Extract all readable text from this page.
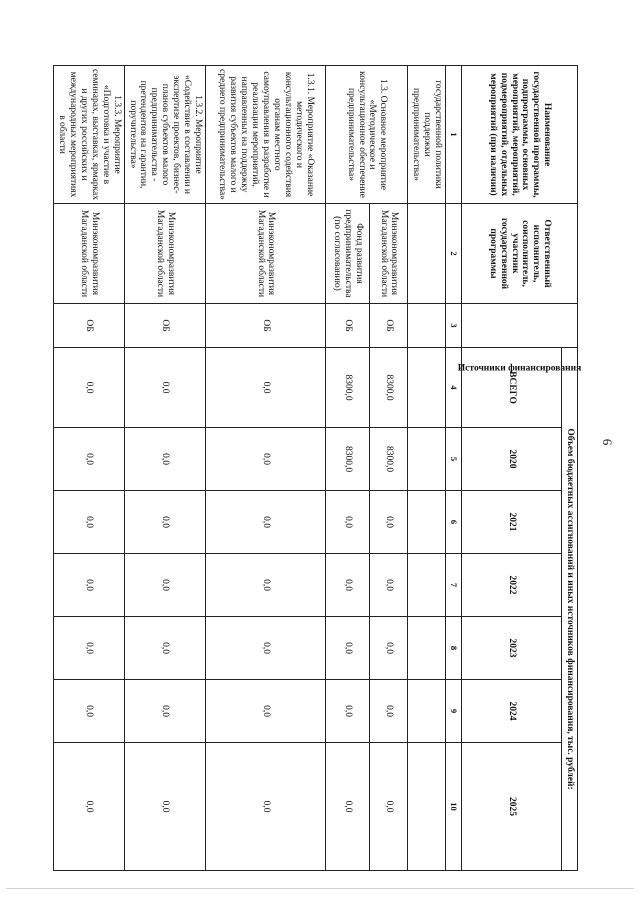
6
Наименование государственной программы, подпрограммы, основных мероприятий, мероприятий, подмероприятий, отдельных мероприятий (при наличии)	Ответственный исполнитель, соисполнитель, участник государственной программы	Источники финансирования	Объем бюджетных ассигнований и иных источников финансирования, тыс. рублей:						
			ВСЕГО	2020	2021	2022	2023	2024	2025
1	2	3	4	5	6	7	8	9	10
государственной политики поддержки предпринимательства»									
1.3. Основное мероприятие «Методическое и консультационное обеспечение предпринимательства»	Минэкономразвития Магаданской области	ОБ	8300,0	8300,0	0,0	0,0	0,0	0,0	0,0
	Фонд развития предпринимательства (по согласованию)	ОБ	8300,0	8300,0	0,0	0,0	0,0	0,0	0,0
1.3.1. Мероприятие «Оказание методического и консультационного содействия органам местного самоуправления в разработке и реализации мероприятий, направленных на поддержку развития субъектов малого и среднего предпринимательства»	Минэкономразвития Магаданской области	ОБ	0,0	0,0	0,0	0,0	0,0	0,0	0,0
1.3.2. Мероприятие «Содействие в составлении и экспертизе проектов, бизнес-планов субъектов малого предпринимательства - претендентов на гарантии, поручительства»	Минэкономразвития Магаданской области	ОБ	0,0	0,0	0,0	0,0	0,0	0,0	0,0
1.3.3. Мероприятие «Подготовка и участие в семинарах, выставках, ярмарках и других российских и международных мероприятиях в области	Минэкономразвития Магаданской области	ОБ	0,0	0,0	0,0	0,0	0,0	0,0	0,0
